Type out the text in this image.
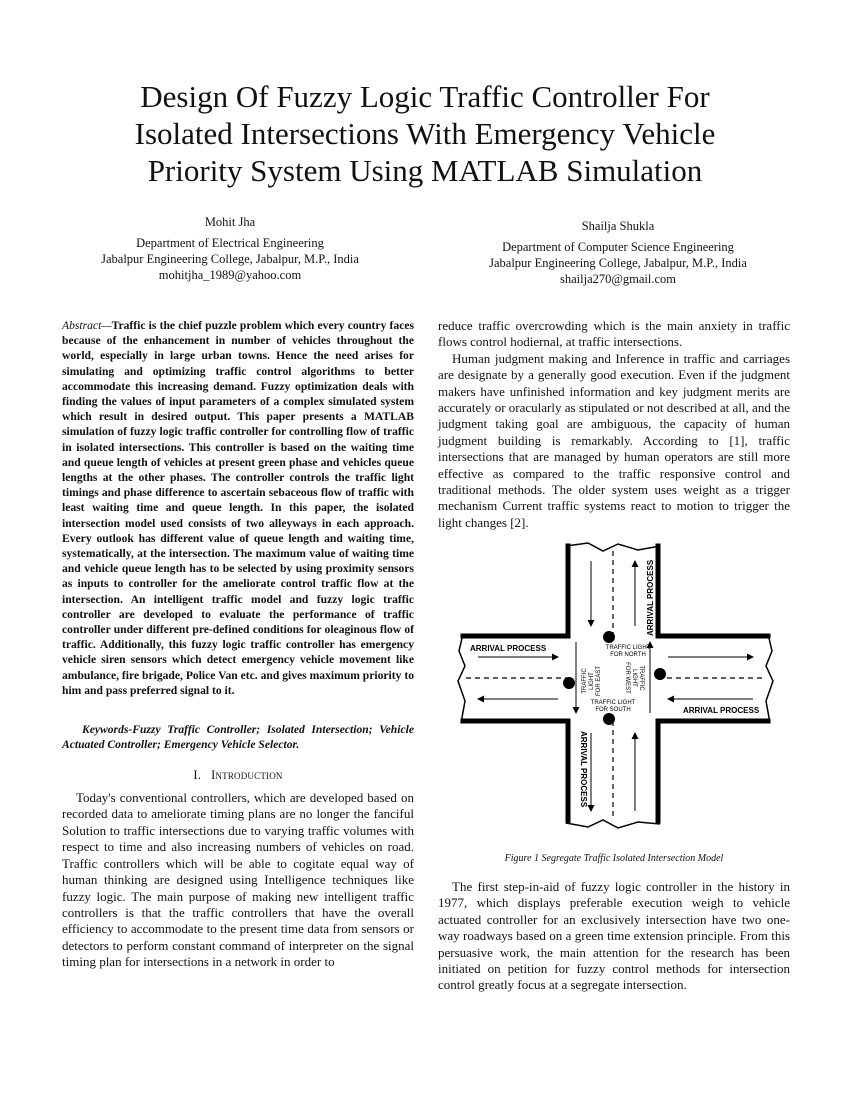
Design Of Fuzzy Logic Traffic Controller For
Isolated Intersections With Emergency Vehicle
Priority System Using MATLAB Simulation
Mohit Jha
Department of Electrical Engineering
Jabalpur Engineering College, Jabalpur, M.P., India
mohitjha_1989@yahoo.com
Shailja Shukla
Department of Computer Science Engineering
Jabalpur Engineering College, Jabalpur, M.P., India
shailja270@gmail.com

Abstract—Traffic is the chief puzzle problem which every country faces because of the enhancement in number of vehicles throughout the world, especially in large urban towns. Hence the need arises for simulating and optimizing traffic control algorithms to better accommodate this increasing demand. Fuzzy optimization deals with finding the values of input parameters of a complex simulated system which result in desired output. This paper presents a MATLAB simulation of fuzzy logic traffic controller for controlling flow of traffic in isolated intersections. This controller is based on the waiting time and queue length of vehicles at present green phase and vehicles queue lengths at the other phases. The controller controls the traffic light timings and phase difference to ascertain sebaceous flow of traffic with least waiting time and queue length. In this paper, the isolated intersection model used consists of two alleyways in each approach. Every outlook has different value of queue length and waiting time, systematically, at the intersection. The maximum value of waiting time and vehicle queue length has to be selected by using proximity sensors as inputs to controller for the ameliorate control traffic flow at the intersection. An intelligent traffic model and fuzzy logic traffic controller are developed to evaluate the performance of traffic controller under different pre-defined conditions for oleaginous flow of traffic. Additionally, this fuzzy logic traffic controller has emergency vehicle siren sensors which detect emergency vehicle movement like ambulance, fire brigade, Police Van etc. and gives maximum priority to him and pass preferred signal to it.

Keywords-Fuzzy Traffic Controller; Isolated Intersection; Vehicle Actuated Controller; Emergency Vehicle Selector.

I. Introduction

Today's conventional controllers, which are developed based on recorded data to ameliorate timing plans are no longer the fanciful Solution to traffic intersections due to varying traffic volumes with respect to time and also increasing numbers of vehicles on road. Traffic controllers which will be able to cogitate equal way of human thinking are designed using Intelligence techniques like fuzzy logic. The main purpose of making new intelligent traffic controllers is that the traffic controllers that have the overall efficiency to accommodate to the present time data from sensors or detectors to perform constant command of interpreter on the signal timing plan for intersections in a network in order to

reduce traffic overcrowding which is the main anxiety in traffic flows control hodiernal, at traffic intersections.

Human judgment making and Inference in traffic and carriages are designate by a generally good execution. Even if the judgment makers have unfinished information and key judgment merits are accurately or oracularly as stipulated or not described at all, and the judgment taking goal are ambiguous, the capacity of human judgment building is remarkably. According to [1], traffic intersections that are managed by human operators are still more effective as compared to the traffic responsive control and traditional methods. The older system uses weight as a trigger mechanism Current traffic systems react to motion to trigger the light changes [2].

ARRIVAL PROCESS
ARRIVAL PROCESS
ARRIVAL PROCESS
ARRIVAL PROCESS
TRAFFIC LIGHT
FOR NORTH
TRAFFIC LIGHT
FOR SOUTH
TRAFFIC LIGHT FOR EAST	TRAFFIC
LIGHT
FOR WEST
Figure 1 Segregate Traffic Isolated Intersection Model

The first step-in-aid of fuzzy logic controller in the history in 1977, which displays preferable execution weigh to vehicle actuated controller for an exclusively intersection have two one-way roadways based on a green time extension principle. From this persuasive work, the main attention for the research has been initiated on petition for fuzzy control methods for intersection control greatly focus at a segregate intersection.
